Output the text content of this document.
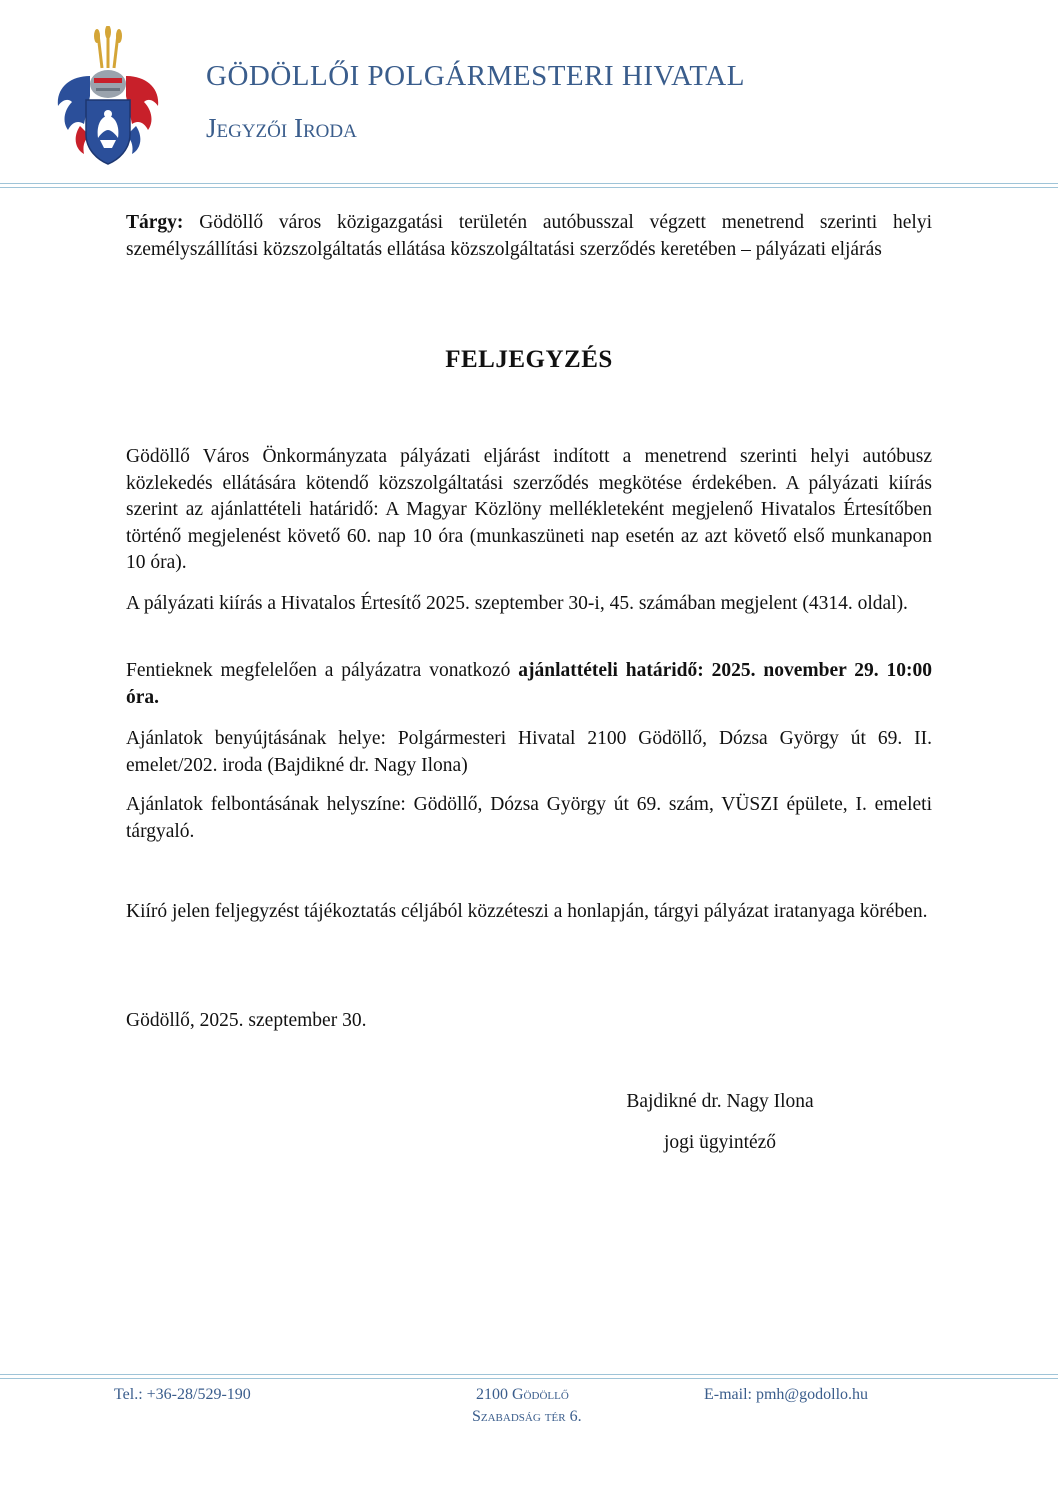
GÖDÖLLŐI POLGÁRMESTERI HIVATAL
Jegyzői Iroda

Tárgy: Gödöllő város közigazgatási területén autóbusszal végzett menetrend szerinti helyi személyszállítási közszolgáltatás ellátása közszolgáltatási szerződés keretében – pályázati eljárás

FELJEGYZÉS

Gödöllő Város Önkormányzata pályázati eljárást indított a menetrend szerinti helyi autóbusz közlekedés ellátására kötendő közszolgáltatási szerződés megkötése érdekében. A pályázati kiírás szerint az ajánlattételi határidő: A Magyar Közlöny mellékleteként megjelenő Hivatalos Értesítőben történő megjelenést követő 60. nap 10 óra (munkaszüneti nap esetén az azt követő első munkanapon 10 óra).

A pályázati kiírás a Hivatalos Értesítő 2025. szeptember 30-i, 45. számában megjelent (4314. oldal).

Fentieknek megfelelően a pályázatra vonatkozó ajánlattételi határidő: 2025. november 29. 10:00 óra.

Ajánlatok benyújtásának helye: Polgármesteri Hivatal 2100 Gödöllő, Dózsa György út 69. II. emelet/202. iroda (Bajdikné dr. Nagy Ilona)

Ajánlatok felbontásának helyszíne: Gödöllő, Dózsa György út 69. szám, VÜSZI épülete, I. emeleti tárgyaló.

Kiíró jelen feljegyzést tájékoztatás céljából közzéteszi a honlapján, tárgyi pályázat iratanyaga körében.

Gödöllő, 2025. szeptember 30.
Bajdikné dr. Nagy Ilona
jogi ügyintéző
Tel.: +36-28/529-190	2100 Gödöllő
Szabadság tér 6.
E-mail: pmh@godollo.hu
